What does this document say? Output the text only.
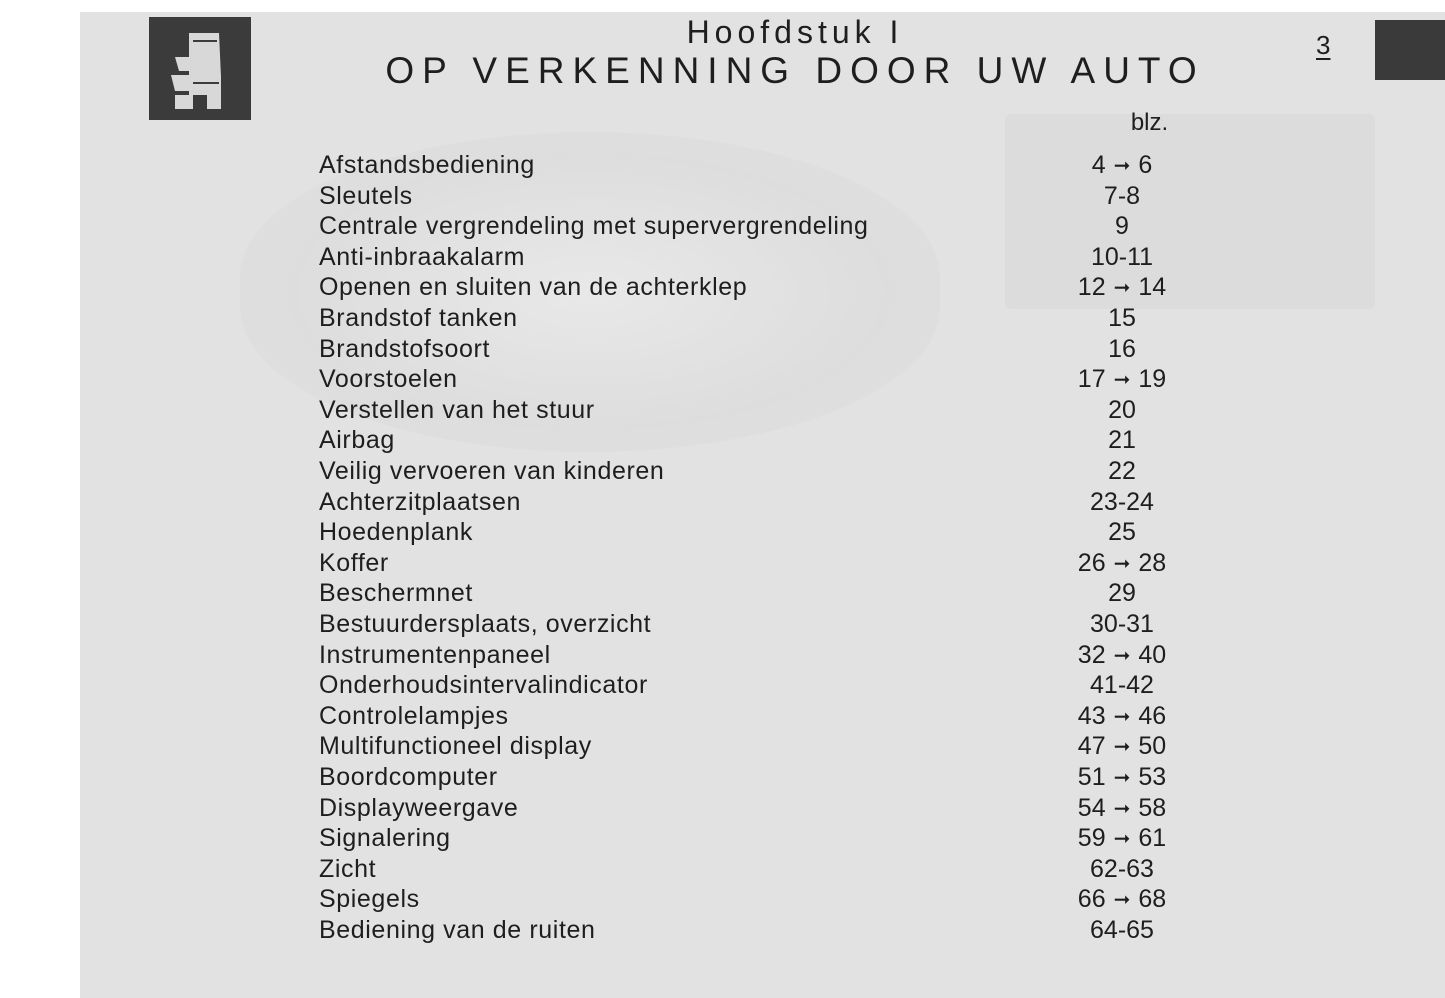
Hoofdstuk I
OP VERKENNING DOOR UW AUTO
3
blz.
Afstandsbediening	4 ➞ 6
Sleutels	7-8
Centrale vergrendeling met supervergrendeling	9
Anti-inbraakalarm	10-11
Openen en sluiten van de achterklep	12 ➞ 14
Brandstof tanken	15
Brandstofsoort	16
Voorstoelen	17 ➞ 19
Verstellen van het stuur	20
Airbag	21
Veilig vervoeren van kinderen	22
Achterzitplaatsen	23-24
Hoedenplank	25
Koffer	26 ➞ 28
Beschermnet	29
Bestuurdersplaats, overzicht	30-31
Instrumentenpaneel	32 ➞ 40
Onderhoudsintervalindicator	41-42
Controlelampjes	43 ➞ 46
Multifunctioneel display	47 ➞ 50
Boordcomputer	51 ➞ 53
Displayweergave	54 ➞ 58
Signalering	59 ➞ 61
Zicht	62-63
Spiegels	66 ➞ 68
Bediening van de ruiten	64-65
